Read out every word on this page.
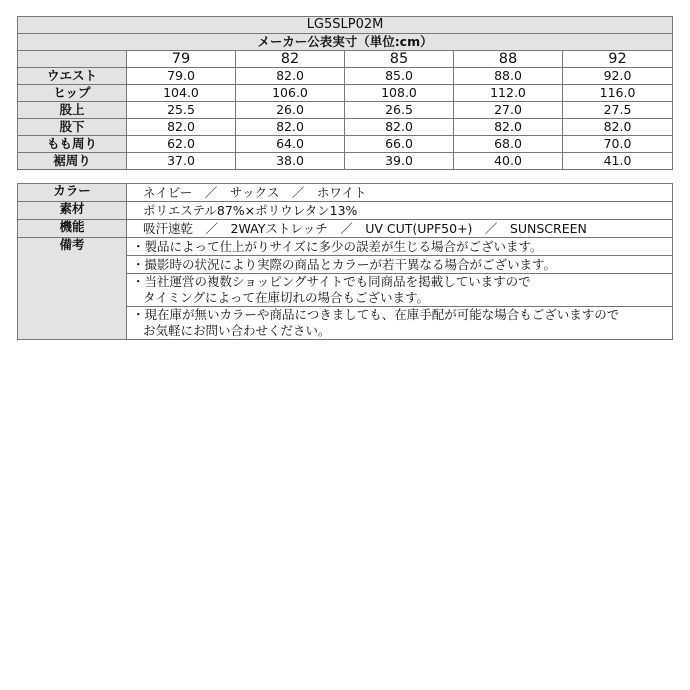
LG5SLP02M					
メーカー公表実寸（単位:cm）					
	79	82	85	88	92
ウエスト	79.0	82.0	85.0	88.0	92.0
ヒップ	104.0	106.0	108.0	112.0	116.0
股上	25.5	26.0	26.5	27.0	27.5
股下	82.0	82.0	82.0	82.0	82.0
もも周り	62.0	64.0	66.0	68.0	70.0
裾周り	37.0	38.0	39.0	40.0	41.0
カラー	ネイビー　／　サックス　／　ホワイト
素材	ポリエステル87%×ポリウレタン13%
機能	吸汗速乾　／　2WAYストレッチ　／　UV CUT(UPF50+)　／　SUNSCREEN
備考	・製品によって仕上がりサイズに多少の誤差が生じる場合がございます。

	・撮影時の状況により実際の商品とカラーが若干異なる場合がございます。

	・当社運営の複数ショッピングサイトでも同商品を掲載していますので
タイミングによって在庫切れの場合もございます。

	・現在庫が無いカラーや商品につきましても、在庫手配が可能な場合もございますので
お気軽にお問い合わせください。
